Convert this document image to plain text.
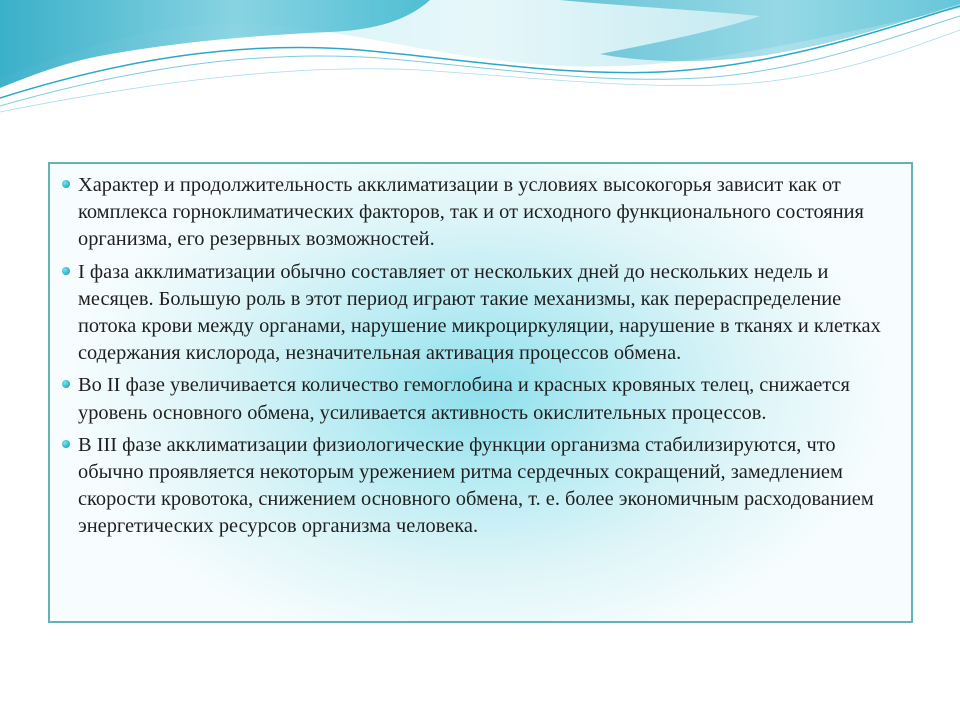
Характер и продолжительность акклиматизации в условиях высокогорья зависит как от комплекса горноклиматических факторов, так и от исходного функционального состояния организма, его резервных возможностей.
I фаза акклиматизации обычно составляет от нескольких дней до нескольких недель и месяцев. Большую роль в этот период играют такие механизмы, как перераспределение потока крови между органами, нарушение микроциркуляции, нарушение в тканях и клетках содержания кислорода, незначительная активация процессов обмена.
Во II фазе увеличивается количество гемоглобина и красных кровяных телец, снижается уровень основного обмена, усиливается активность окислительных процессов.
В III фазе акклиматизации физиологические функции организма стабилизируются, что обычно проявляется некоторым урежением ритма сердечных сокращений, замедлением скорости кровотока, снижением основного обмена, т. е. более экономичным расходованием энергетических ресурсов организма человека.
